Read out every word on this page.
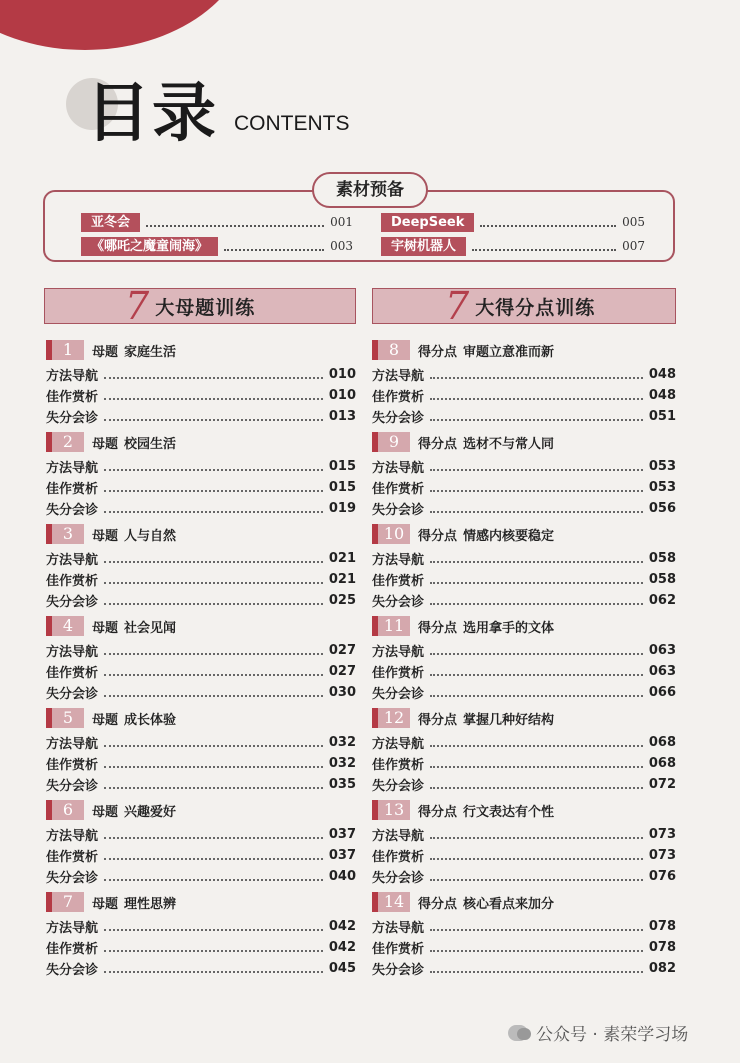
目录 CONTENTS
素材预备
亚冬会	001
《哪吒之魔童闹海》	003
DeepSeek	005
宇树机器人	007
7 大母题训练	7 大得分点训练
1	母题 家庭生活
方法导航	010
佳作赏析	010
失分会诊	013
2	母题 校园生活
方法导航	015
佳作赏析	015
失分会诊	019
3	母题 人与自然
方法导航	021
佳作赏析	021
失分会诊	025
4	母题 社会见闻
方法导航	027
佳作赏析	027
失分会诊	030
5	母题 成长体验
方法导航	032
佳作赏析	032
失分会诊	035
6	母题 兴趣爱好
方法导航	037
佳作赏析	037
失分会诊	040
7	母题 理性思辨
方法导航	042
佳作赏析	042
失分会诊	045
8	得分点 审题立意准而新
方法导航	048
佳作赏析	048
失分会诊	051
9	得分点 选材不与常人同
方法导航	053
佳作赏析	053
失分会诊	056
10	得分点 情感内核要稳定
方法导航	058
佳作赏析	058
失分会诊	062
11	得分点 选用拿手的文体
方法导航	063
佳作赏析	063
失分会诊	066
12	得分点 掌握几种好结构
方法导航	068
佳作赏析	068
失分会诊	072
13	得分点 行文表达有个性
方法导航	073
佳作赏析	073
失分会诊	076
14	得分点 核心看点来加分
方法导航	078
佳作赏析	078
失分会诊	082
公众号 · 素荣学习场
